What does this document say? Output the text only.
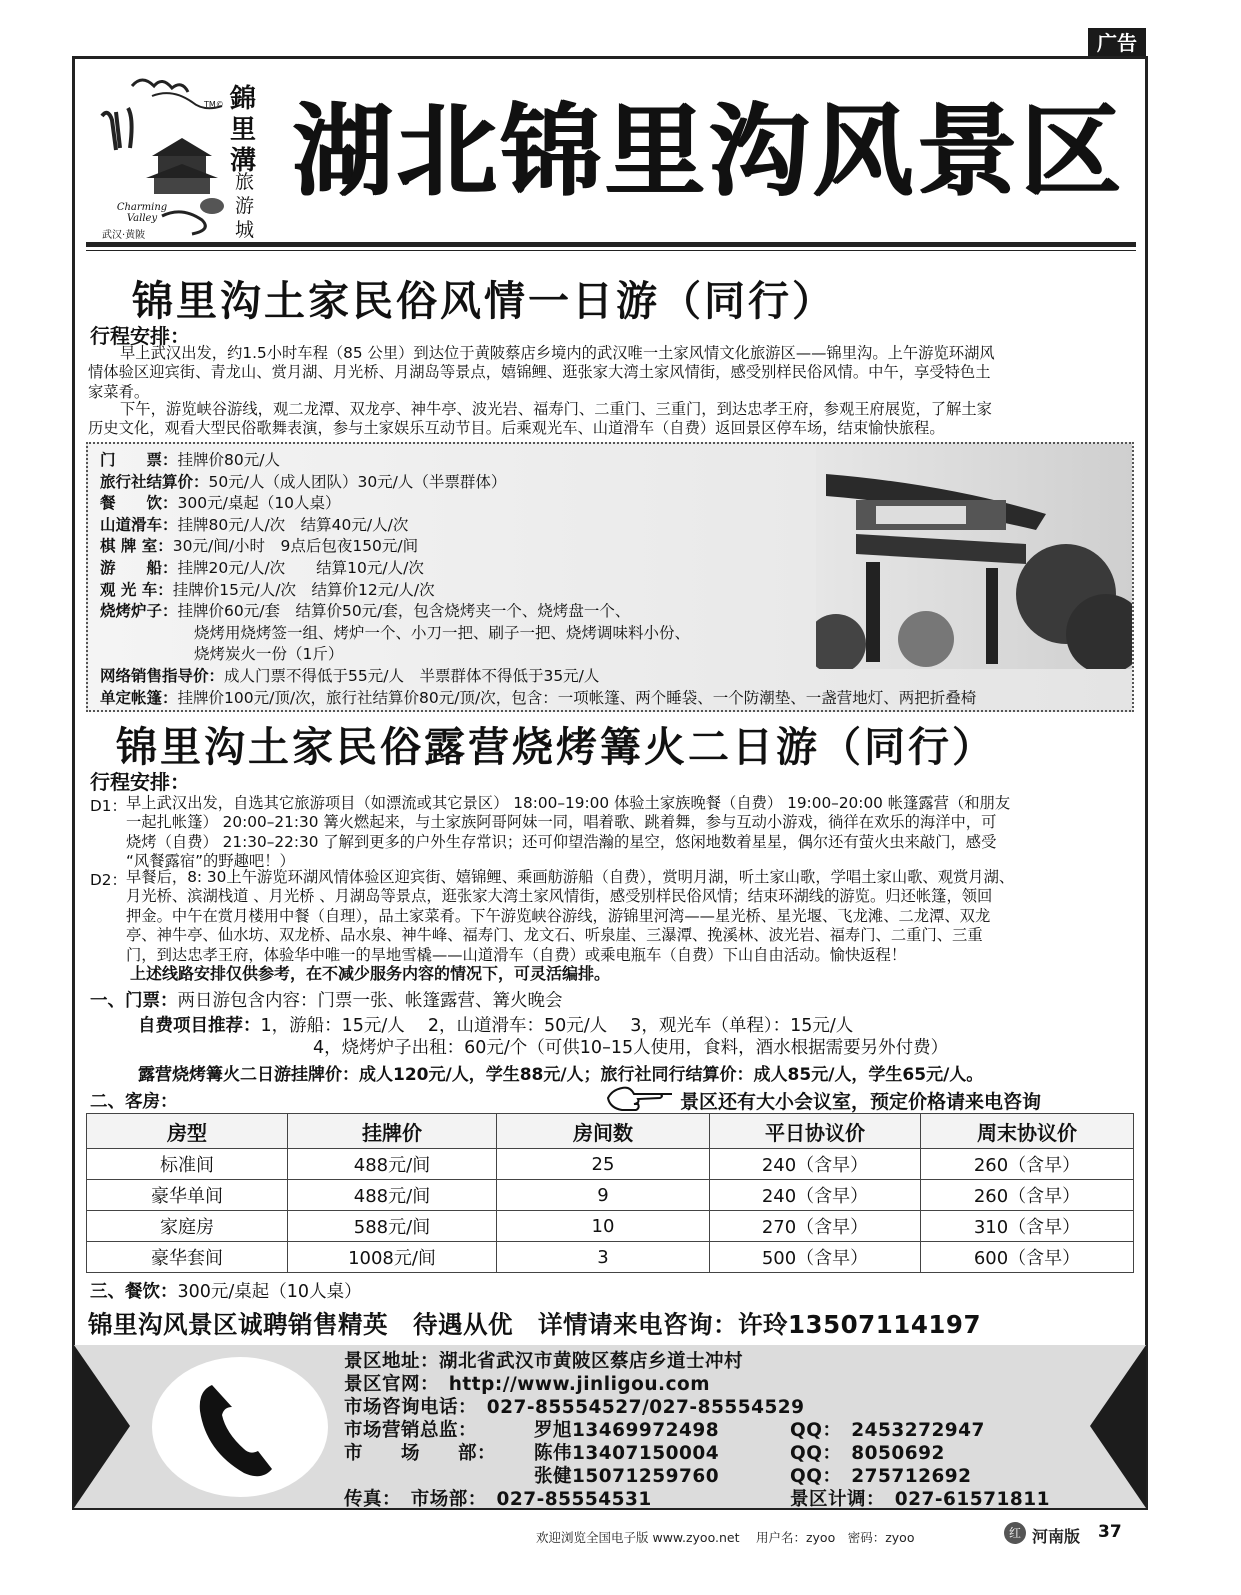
广告
錦里溝
TM©
旅游城
Charming Valley
武汉·黄陂
湖北锦里沟风景区
锦里沟土家民俗风情一日游（同行）
行程安排：
早上武汉出发，约1.5小时车程（85 公里）到达位于黄陂蔡店乡境内的武汉唯一土家风情文化旅游区——锦里沟。上午游览环湖风
情体验区迎宾街、青龙山、赏月湖、月光桥、月湖岛等景点，嬉锦鲤、逛张家大湾土家风情街，感受别样民俗风情。中午，享受特色土
家菜肴。
下午，游览峡谷游线，观二龙潭、双龙亭、神牛亭、波光岩、福寿门、二重门、三重门，到达忠孝王府，参观王府展览，了解土家
历史文化，观看大型民俗歌舞表演，参与土家娱乐互动节目。后乘观光车、山道滑车（自费）返回景区停车场，结束愉快旅程。
门　　票：挂牌价80元/人
旅行社结算价：50元/人（成人团队）30元/人（半票群体）
餐　　饮：300元/桌起（10人桌）
山道滑车：挂牌80元/人/次　结算40元/人/次
棋 牌 室：30元/间/小时　9点后包夜150元/间
游　　船：挂牌20元/人/次　　结算10元/人/次
观 光 车：挂牌价15元/人/次　结算价12元/人/次
烧烤炉子：挂牌价60元/套　结算价50元/套，包含烧烤夹一个、烧烤盘一个、
烧烤用烧烤签一组、烤炉一个、小刀一把、刷子一把、烧烤调味料小份、
烧烤炭火一份（1斤）
网络销售指导价：成人门票不得低于55元/人　半票群体不得低于35元/人
单定帐篷：挂牌价100元/顶/次，旅行社结算价80元/顶/次，包含：一项帐篷、两个睡袋、一个防潮垫、一盏营地灯、两把折叠椅
锦里沟土家民俗露营烧烤篝火二日游（同行）
行程安排：
D1： 早上武汉出发，自选其它旅游项目（如漂流或其它景区） 18:00–19:00 体验土家族晚餐（自费） 19:00–20:00 帐篷露营（和朋友
一起扎帐篷） 20:00–21:30 篝火燃起来，与土家族阿哥阿妹一同，唱着歌、跳着舞，参与互动小游戏，徜徉在欢乐的海洋中，可
烧烤（自费） 21:30–22:30 了解到更多的户外生存常识；还可仰望浩瀚的星空，悠闲地数着星星，偶尔还有萤火虫来敲门，感受
“风餐露宿”的野趣吧！）
D2： 早餐后，8: 30上午游览环湖风情体验区迎宾街、嬉锦鲤、乘画舫游船（自费），赏明月湖，听土家山歌，学唱土家山歌、观赏月湖、
月光桥、滨湖栈道 、月光桥 、月湖岛等景点，逛张家大湾土家风情街，感受别样民俗风情；结束环湖线的游览。归还帐篷，领回
押金。中午在赏月楼用中餐（自理），品土家菜肴。下午游览峡谷游线，游锦里河湾——星光桥、星光堰、飞龙滩、二龙潭、双龙
亭、神牛亭、仙水坊、双龙桥、品水泉、神牛峰、福寿门、龙文石、听泉崖、三瀑潭、挽溪林、波光岩、福寿门、二重门、三重
门，到达忠孝王府，体验华中唯一的旱地雪橇——山道滑车（自费）或乘电瓶车（自费）下山自由活动。愉快返程！
上述线路安排仅供参考，在不减少服务内容的情况下，可灵活编排。
一、门票：两日游包含内容：门票一张、帐篷露营、篝火晚会
自费项目推荐：1，游船：15元/人　 2，山道滑车：50元/人　 3，观光车（单程）：15元/人
4，烧烤炉子出租：60元/个（可供10–15人使用，食料，酒水根据需要另外付费）
露营烧烤篝火二日游挂牌价：成人120元/人，学生88元/人；旅行社同行结算价：成人85元/人，学生65元/人。
二、客房：	景区还有大小会议室，预定价格请来电咨询
房型	挂牌价	房间数	平日协议价	周末协议价
标准间	488元/间	25	240（含早）	260（含早）
豪华单间	488元/间	9	240（含早）	260（含早）
家庭房	588元/间	10	270（含早）	310（含早）
豪华套间	1008元/间	3	500（含早）	600（含早）
三、餐饮：300元/桌起（10人桌）
锦里沟风景区诚聘销售精英　待遇从优　详情请来电咨询：许玲13507114197
景区地址：湖北省武汉市黄陂区蔡店乡道士冲村
景区官网：　http://www.jinligou.com
市场咨询电话：　027-85554527/027-85554529
市场营销总监：	罗旭13469972498	QQ：　2453272947
市　　场　　部： 陈伟13407150004	QQ：　8050692
张健15071259760	QQ：　275712692
传真：　市场部：　027-85554531	景区计调：　027-61571811
欢迎浏览全国电子版 www.zyoo.net　 用户名：zyoo　密码：zyoo	红 河南版 37
